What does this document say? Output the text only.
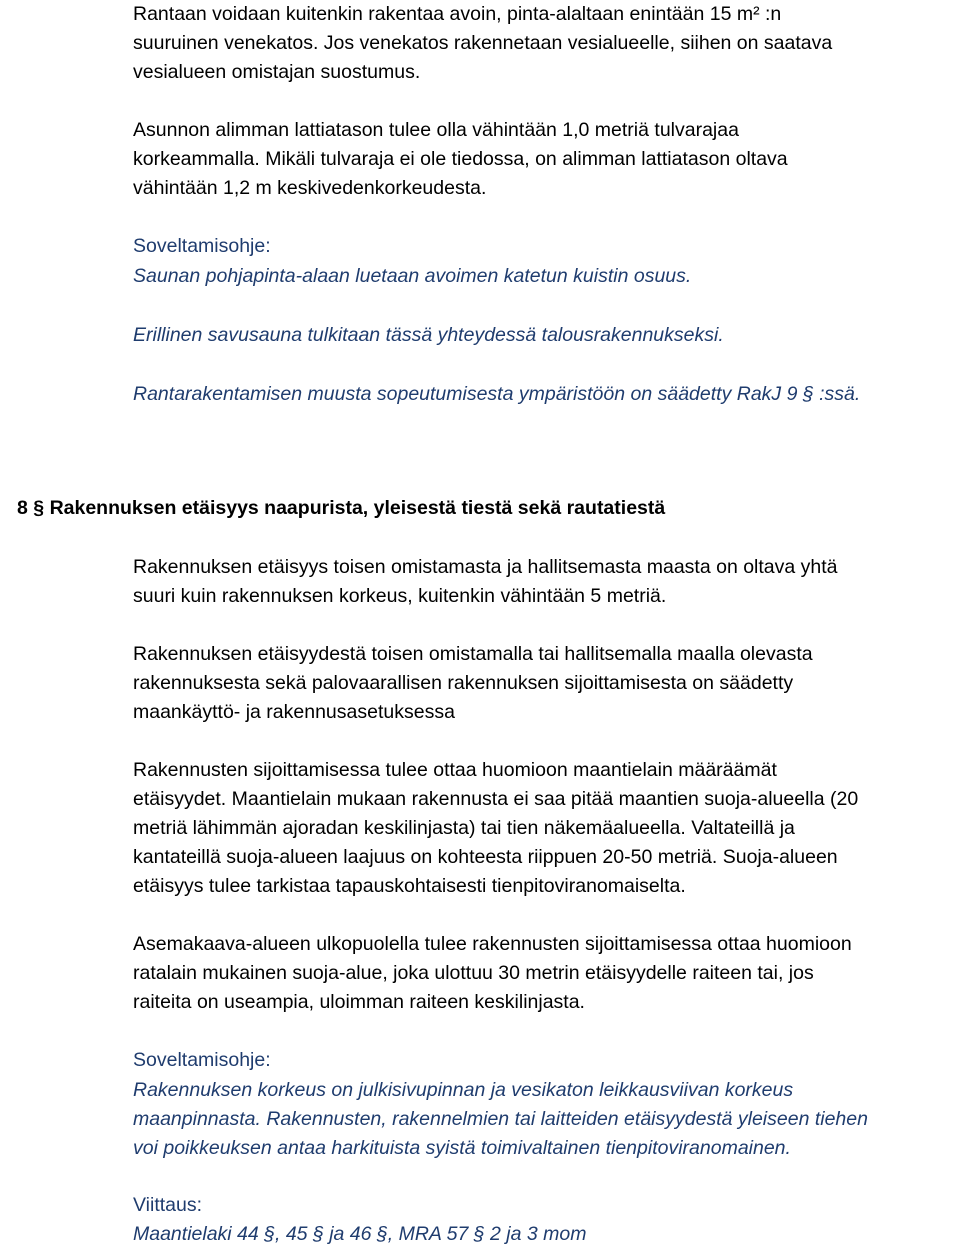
Rantaan voidaan kuitenkin rakentaa avoin, pinta-alaltaan enintään 15 m² :n
suuruinen venekatos. Jos venekatos rakennetaan vesialueelle, siihen on saatava
vesialueen omistajan suostumus.

Asunnon alimman lattiatason tulee olla vähintään 1,0 metriä tulvarajaa
korkeammalla. Mikäli tulvaraja ei ole tiedossa, on alimman lattiatason oltava
vähintään 1,2 m keskivedenkorkeudesta.

Soveltamisohje:

Saunan pohjapinta-alaan luetaan avoimen katetun kuistin osuus.

Erillinen savusauna tulkitaan tässä yhteydessä talousrakennukseksi.

Rantarakentamisen muusta sopeutumisesta ympäristöön on säädetty RakJ 9 § :ssä.

8 § Rakennuksen etäisyys naapurista, yleisestä tiestä sekä rautatiestä

Rakennuksen etäisyys toisen omistamasta ja hallitsemasta maasta on oltava yhtä
suuri kuin rakennuksen korkeus, kuitenkin vähintään 5 metriä.

Rakennuksen etäisyydestä toisen omistamalla tai hallitsemalla maalla olevasta
rakennuksesta sekä palovaarallisen rakennuksen sijoittamisesta on säädetty
maankäyttö- ja rakennusasetuksessa

Rakennusten sijoittamisessa tulee ottaa huomioon maantielain määräämät
etäisyydet. Maantielain mukaan rakennusta ei saa pitää maantien suoja-alueella (20
metriä lähimmän ajoradan keskilinjasta) tai tien näkemäalueella. Valtateillä ja
kantateillä suoja-alueen laajuus on kohteesta riippuen 20-50 metriä. Suoja-alueen
etäisyys tulee tarkistaa tapauskohtaisesti tienpitoviranomaiselta.

Asemakaava-alueen ulkopuolella tulee rakennusten sijoittamisessa ottaa huomioon
ratalain mukainen suoja-alue, joka ulottuu 30 metrin etäisyydelle raiteen tai, jos
raiteita on useampia, uloimman raiteen keskilinjasta.

Soveltamisohje:

Rakennuksen korkeus on julkisivupinnan ja vesikaton leikkausviivan korkeus
maanpinnasta. Rakennusten, rakennelmien tai laitteiden etäisyydestä yleiseen tiehen
voi poikkeuksen antaa harkituista syistä toimivaltainen tienpitoviranomainen.

Viittaus:

Maantielaki 44 §, 45 § ja 46 §, MRA 57 § 2 ja 3 mom
